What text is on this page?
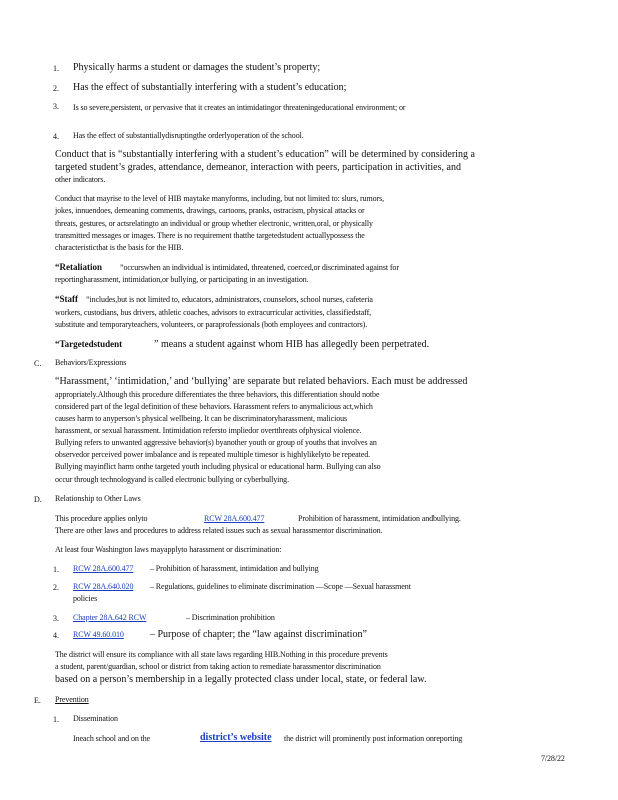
1. Physically harms a student or damages the student’s property;
2. Has the effect of substantially interfering with a student’s education;
3. Is so severe,persistent, or pervasive that it creates an intimidatingor threateningeducational environment; or
4. Has the effect of substantiallydisruptingthe orderlyoperation of the school.
Conduct that is “substantially interfering with a student’s education” will be determined by considering a
targeted student’s grades, attendance, demeanor, interaction with peers, participation in activities, and
other indicators.
Conduct that mayrise to the level of HIB maytake manyforms, including, but not limited to: slurs, rumors,
jokes, innuendoes, demeaning comments, drawings, cartoons, pranks, ostracism, physical attacks or
threats, gestures, or actsrelatingto an individual or group whether electronic, written,oral, or physically
transmitted messages or images. There is no requirement thatthe targetedstudent actuallypossess the
characteristicthat is the basis for the HIB.
“Retaliation ”occurswhen an individual is intimidated, threatened, coerced,or discriminated against for
reportingharassment, intimidation,or bullying, or participating in an investigation.
“Staff ”includes,but is not limited to, educators, administrators, counselors, school nurses, cafeteria
workers, custodians, bus drivers, athletic coaches, advisors to extracurricular activities, classifiedstaff,
substitute and temporaryteachers, volunteers, or paraprofessionals (both employees and contractors).
“Targetedstudent	” means a student against whom HIB has allegedly been perpetrated.
C. Behaviors/Expressions
“Harassment,’ ‘intimidation,’ and ‘bullying’ are separate but related behaviors. Each must be addressed
appropriately.Although this procedure differentiates the three behaviors, this differentiation should notbe
considered part of the legal definition of these behaviors. Harassment refers to anymalicious act,which
causes harm to anyperson’s physical wellbeing. It can be discriminatoryharassment, malicious
harassment, or sexual harassment. Intimidation refersto impliedor overtthreats ofphysical violence.
Bullying refers to unwanted aggressive behavior(s) byanother youth or group of youths that involves an
observedor perceived power imbalance and is repeated multiple timesor is highlylikelyto be repeated.
Bullying mayinflict harm onthe targeted youth including physical or educational harm. Bullying can also
occur through technologyand is called electronic bullying or cyberbullying.
D. Relationship to Other Laws
This procedure applies onlyto	RCW 28A.600.477	Prohibition of harassment, intimidation andbullying.
There are other laws and procedures to address related issues such as sexual harassmentor discrimination.
At least four Washington laws mayapplyto harassment or discrimination:
1. RCW 28A.600.477 – Prohibition of harassment, intimidation and bullying
2. RCW 28A.640.020 – Regulations, guidelines to eliminate discrimination —Scope —Sexual harassment
policies
3. Chapter 28A.642 RCW	– Discrimination prohibition
4. RCW 49.60.010	– Purpose of chapter; the “law against discrimination”
The district will ensure its compliance with all state laws regarding HIB.Nothing in this procedure prevents
a student, parent/guardian, school or district from taking action to remediate harassmentor discrimination
based on a person’s membership in a legally protected class under local, state, or federal law.
E. Prevention
1. Dissemination
Ineach school and on the	district’s website the district will prominently post information onreporting
7/28/22
